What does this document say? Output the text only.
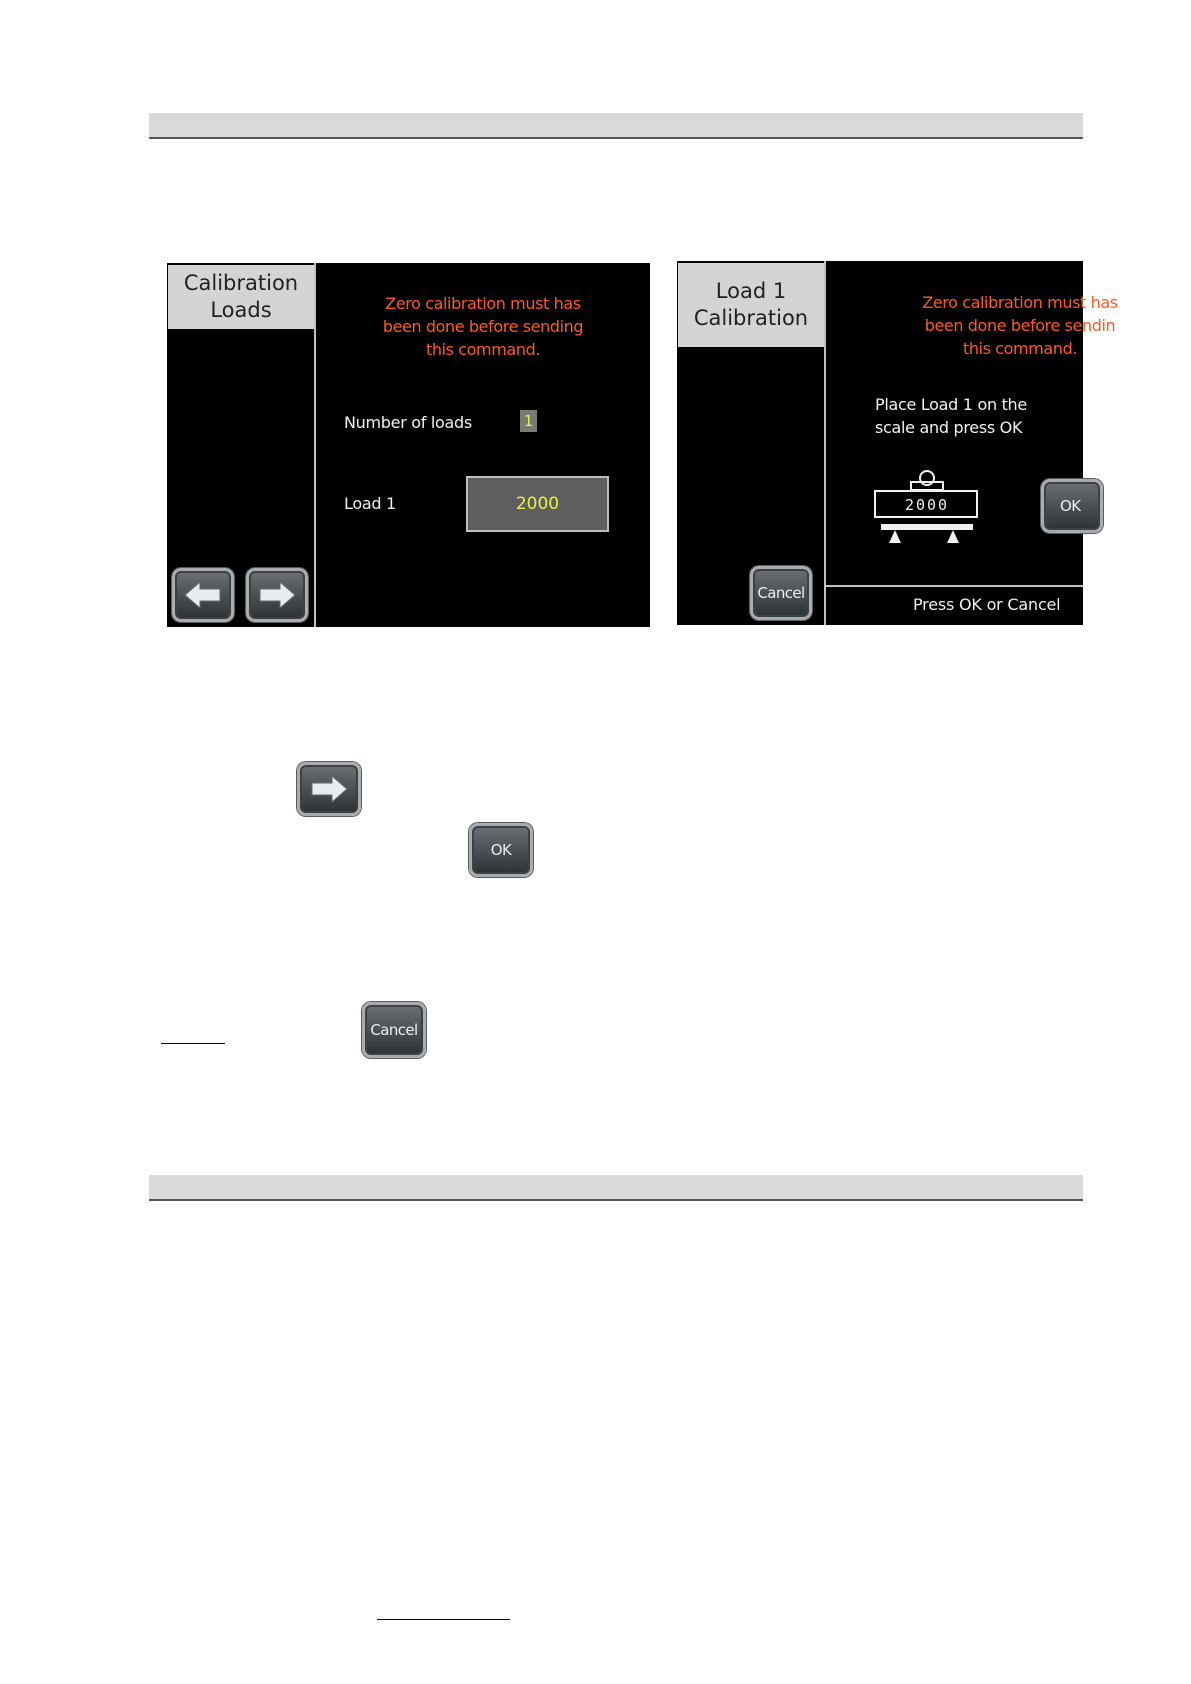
Calibration
Loads	Zero calibration must has
been done before sending
this command.
Number of loads	1
Load 1	2000
Load 1
Calibration
Zero calibration must has
been done before sendin
this command.
Place Load 1 on the
scale and press OK
2000	OK
Cancel
Press OK or Cancel
OK
Cancel
